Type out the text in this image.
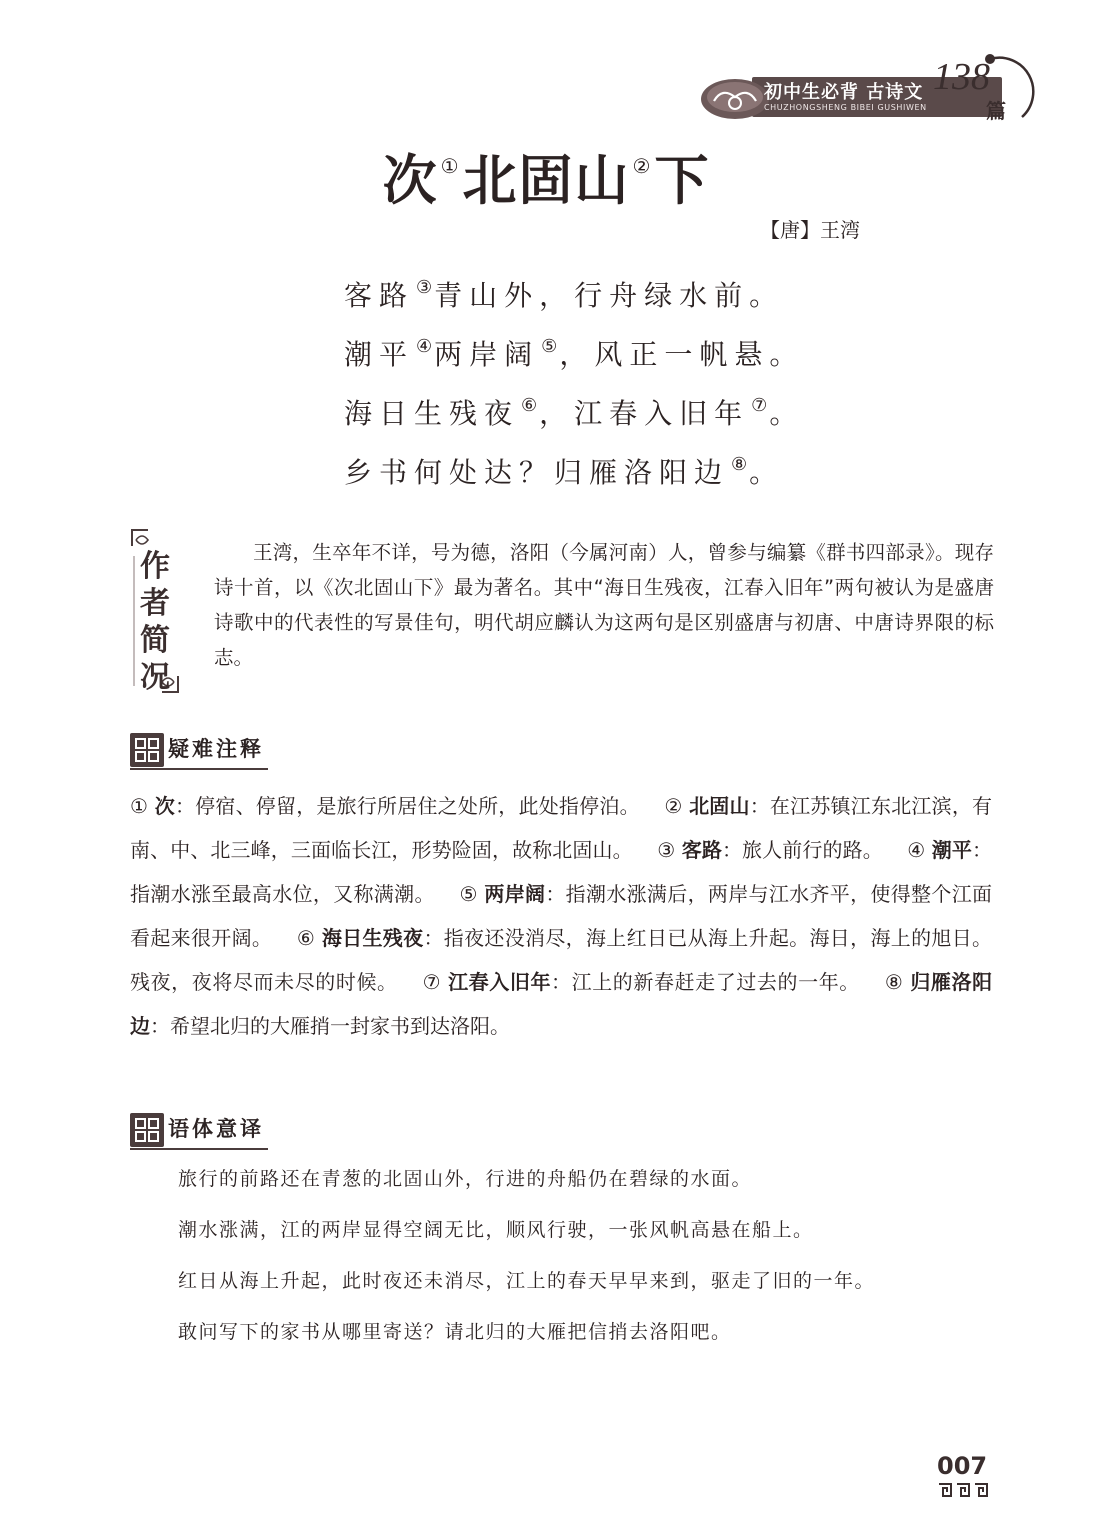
初中生必背 古诗文
CHUZHONGSHENG BIBEI GUSHIWEN
138
篇
次 ①北固山 ②下
【唐】王湾
客路 ③青山外，行舟绿水前。
潮平 ④两岸阔 ⑤，风正一帆悬。
海日生残夜 ⑥，江春入旧年 ⑦。
乡书何处达？归雁洛阳边 ⑧。
作
者
简
况

王湾，生卒年不详，号为德，洛阳（今属河南）人，曾参与编纂《群书四部录》。现存诗十首，以《次北固山下》最为著名。其中“海日生残夜，江春入旧年”两句被认为是盛唐诗歌中的代表性的写景佳句，明代胡应麟认为这两句是区别盛唐与初唐、中唐诗界限的标志。

疑难注释
① 次：停宿、停留，是旅行所居住之处所，此处指停泊。 ② 北固山：在江苏镇江东北江滨，有南、中、北三峰，三面临长江，形势险固，故称北固山。 ③ 客路：旅人前行的路。 ④ 潮平：指潮水涨至最高水位，又称满潮。 ⑤ 两岸阔：指潮水涨满后，两岸与江水齐平，使得整个江面看起来很开阔。 ⑥ 海日生残夜：指夜还没消尽，海上红日已从海上升起。海日，海上的旭日。残夜，夜将尽而未尽的时候。 ⑦ 江春入旧年：江上的新春赶走了过去的一年。 ⑧ 归雁洛阳边：希望北归的大雁捎一封家书到达洛阳。
语体意译
旅行的前路还在青葱的北固山外，行进的舟船仍在碧绿的水面。
潮水涨满，江的两岸显得空阔无比，顺风行驶，一张风帆高悬在船上。
红日从海上升起，此时夜还未消尽，江上的春天早早来到，驱走了旧的一年。
敢问写下的家书从哪里寄送？请北归的大雁把信捎去洛阳吧。
007
